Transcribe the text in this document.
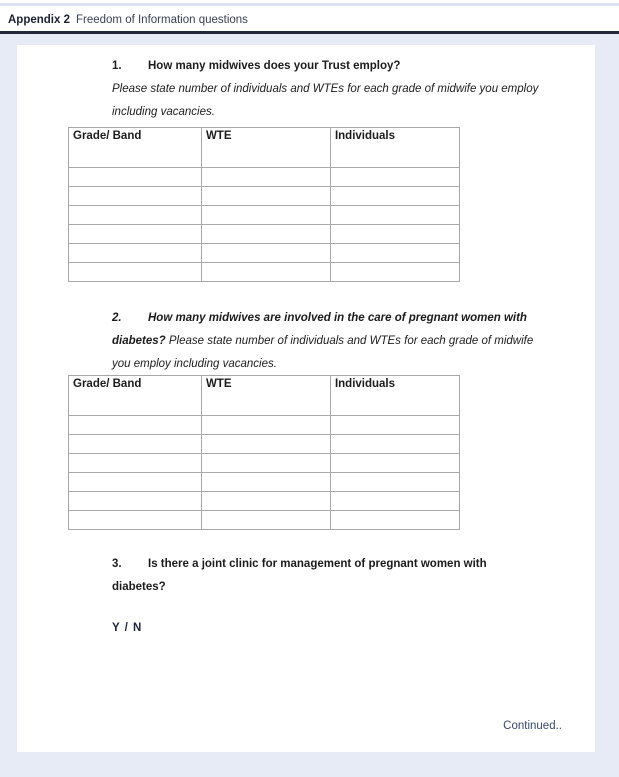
Appendix 2 Freedom of Information questions
1. How many midwives does your Trust employ?
Please state number of individuals and WTEs for each grade of midwife you employ
including vacancies.
Grade/ Band	WTE	Individuals

2. How many midwives are involved in the care of pregnant women with
diabetes? Please state number of individuals and WTEs for each grade of midwife
you employ including vacancies.
Grade/ Band	WTE	Individuals

3. Is there a joint clinic for management of pregnant women with
diabetes?
Y / N
Continued..
